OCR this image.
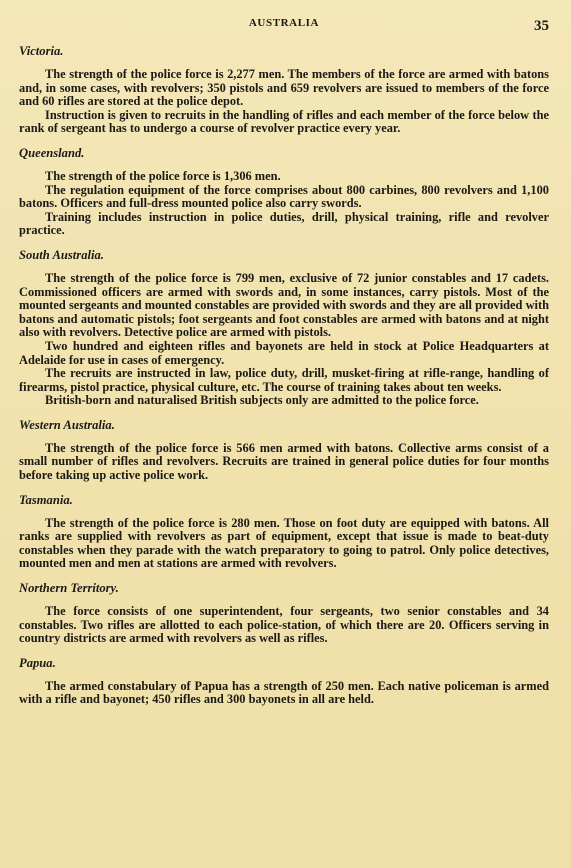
AUSTRALIA	35
Victoria.

The strength of the police force is 2,277 men. The members of the force are armed with batons and, in some cases, with revolvers; 350 pistols and 659 revolvers are issued to members of the force and 60 rifles are stored at the police depot.

Instruction is given to recruits in the handling of rifles and each member of the force below the rank of sergeant has to undergo a course of revolver practice every year.

Queensland.

The strength of the police force is 1,306 men.

The regulation equipment of the force comprises about 800 carbines, 800 revolvers and 1,100 batons. Officers and full-dress mounted police also carry swords.

Training includes instruction in police duties, drill, physical training, rifle and revolver practice.

South Australia.

The strength of the police force is 799 men, exclusive of 72 junior constables and 17 cadets. Commissioned officers are armed with swords and, in some instances, carry pistols. Most of the mounted sergeants and mounted constables are provided with swords and they are all provided with batons and automatic pistols; foot sergeants and foot constables are armed with batons and at night also with revolvers. Detective police are armed with pistols.

Two hundred and eighteen rifles and bayonets are held in stock at Police Headquarters at Adelaide for use in cases of emergency.

The recruits are instructed in law, police duty, drill, musket-firing at rifle-range, handling of firearms, pistol practice, physical culture, etc. The course of training takes about ten weeks.

British-born and naturalised British subjects only are admitted to the police force.

Western Australia.

The strength of the police force is 566 men armed with batons. Collective arms consist of a small number of rifles and revolvers. Recruits are trained in general police duties for four months before taking up active police work.

Tasmania.

The strength of the police force is 280 men. Those on foot duty are equipped with batons. All ranks are supplied with revolvers as part of equipment, except that issue is made to beat-duty constables when they parade with the watch preparatory to going to patrol. Only police detectives, mounted men and men at stations are armed with revolvers.

Northern Territory.

The force consists of one superintendent, four sergeants, two senior constables and 34 constables. Two rifles are allotted to each police-station, of which there are 20. Officers serving in country districts are armed with revolvers as well as rifles.

Papua.

The armed constabulary of Papua has a strength of 250 men. Each native policeman is armed with a rifle and bayonet; 450 rifles and 300 bayonets in all are held.
